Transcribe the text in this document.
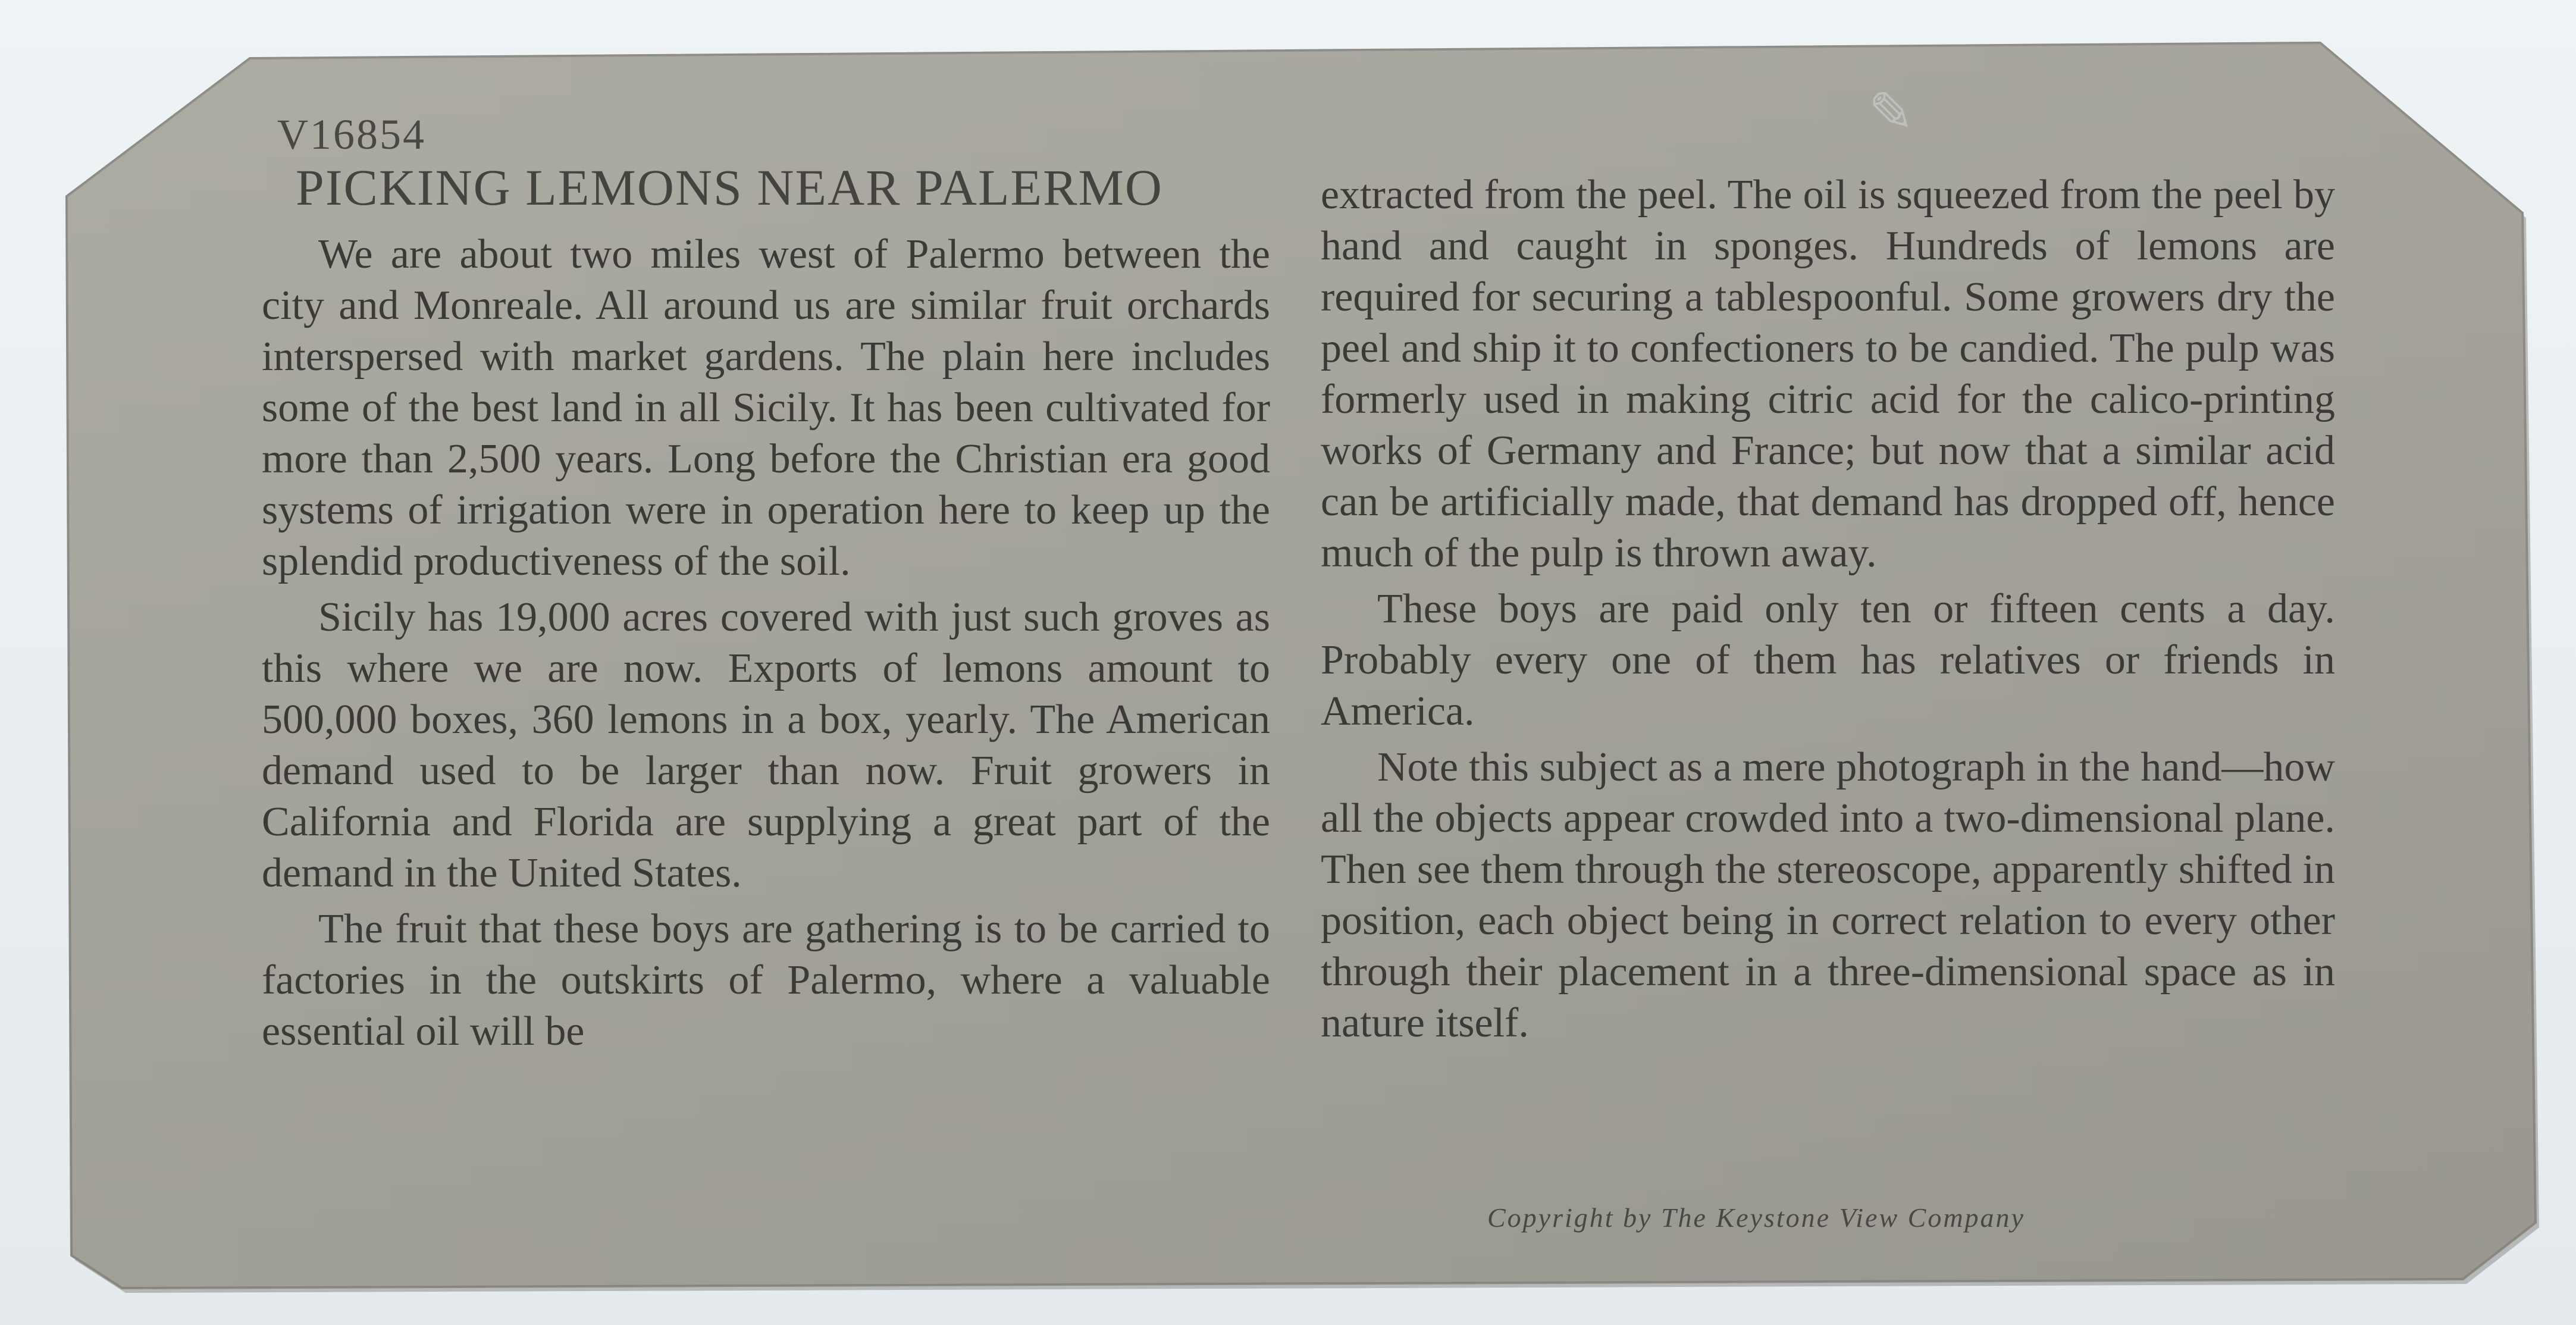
✎
V16854
PICKING LEMONS NEAR PALERMO

We are about two miles west of Palermo between the city and Monreale. All around us are similar fruit orchards interspersed with market gardens. The plain here includes some of the best land in all Sicily. It has been cultivated for more than 2,500 years. Long before the Christian era good systems of irrigation were in operation here to keep up the splendid productiveness of the soil.

Sicily has 19,000 acres covered with just such groves as this where we are now. Exports of lemons amount to 500,000 boxes, 360 lemons in a box, yearly. The American demand used to be larger than now. Fruit growers in California and Florida are supplying a great part of the demand in the United States.

The fruit that these boys are gathering is to be carried to factories in the outskirts of Palermo, where a valuable essential oil will be

extracted from the peel. The oil is squeezed from the peel by hand and caught in sponges. Hundreds of lemons are required for securing a tablespoonful. Some growers dry the peel and ship it to confectioners to be candied. The pulp was formerly used in making citric acid for the calico-printing works of Germany and France; but now that a similar acid can be artificially made, that demand has dropped off, hence much of the pulp is thrown away.

These boys are paid only ten or fifteen cents a day. Probably every one of them has relatives or friends in America.

Note this subject as a mere photograph in the hand—how all the objects appear crowded into a two-dimensional plane. Then see them through the stereoscope, apparently shifted in position, each object being in correct relation to every other through their placement in a three-dimensional space as in nature itself.

Copyright by The Keystone View Company
